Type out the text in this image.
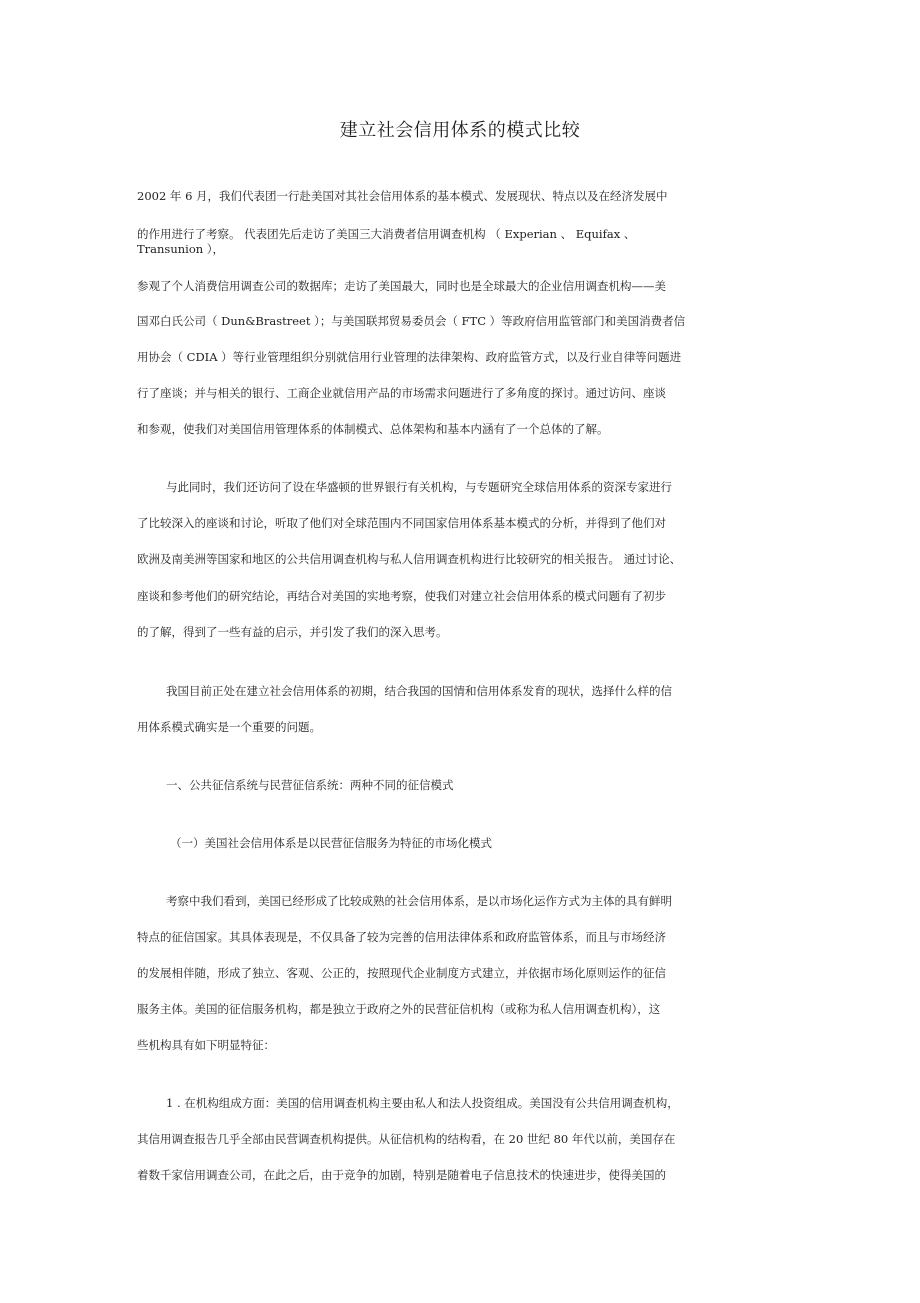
建立社会信用体系的模式比较
2002 年 6 月，我们代表团一行赴美国对其社会信用体系的基本模式、发展现状、特点以及在经济发展中
的作用进行了考察。 代表团先后走访了美国三大消费者信用调查机构 （ Experian 、 Equifax 、
Transunion ），
参观了个人消费信用调查公司的数据库；走访了美国最大，同时也是全球最大的企业信用调查机构——美
国邓白氏公司（ Dun&Brastreet ）；与美国联邦贸易委员会（ FTC ）等政府信用监管部门和美国消费者信
用协会（ CDIA ）等行业管理组织分别就信用行业管理的法律架构、政府监管方式，以及行业自律等问题进
行了座谈；并与相关的银行、工商企业就信用产品的市场需求问题进行了多角度的探讨。通过访问、座谈
和参观，使我们对美国信用管理体系的体制模式、总体架构和基本内涵有了一个总体的了解。
与此同时，我们还访问了设在华盛顿的世界银行有关机构，与专题研究全球信用体系的资深专家进行
了比较深入的座谈和讨论，听取了他们对全球范围内不同国家信用体系基本模式的分析，并得到了他们对
欧洲及南美洲等国家和地区的公共信用调查机构与私人信用调查机构进行比较研究的相关报告。 通过讨论、
座谈和参考他们的研究结论，再结合对美国的实地考察，使我们对建立社会信用体系的模式问题有了初步
的了解，得到了一些有益的启示，并引发了我们的深入思考。
我国目前正处在建立社会信用体系的初期，结合我国的国情和信用体系发育的现状，选择什么样的信
用体系模式确实是一个重要的问题。
一、公共征信系统与民营征信系统：两种不同的征信模式
（一）美国社会信用体系是以民营征信服务为特征的市场化模式
考察中我们看到，美国已经形成了比较成熟的社会信用体系，是以市场化运作方式为主体的具有鲜明
特点的征信国家。其具体表现是，不仅具备了较为完善的信用法律体系和政府监管体系，而且与市场经济
的发展相伴随，形成了独立、客观、公正的，按照现代企业制度方式建立，并依据市场化原则运作的征信
服务主体。美国的征信服务机构，都是独立于政府之外的民营征信机构（或称为私人信用调查机构），这
些机构具有如下明显特征：
1 . 在机构组成方面：美国的信用调查机构主要由私人和法人投资组成。美国没有公共信用调查机构，
其信用调查报告几乎全部由民营调查机构提供。从征信机构的结构看，在 20 世纪 80 年代以前，美国存在
着数千家信用调查公司，在此之后，由于竞争的加剧，特别是随着电子信息技术的快速进步，使得美国的
